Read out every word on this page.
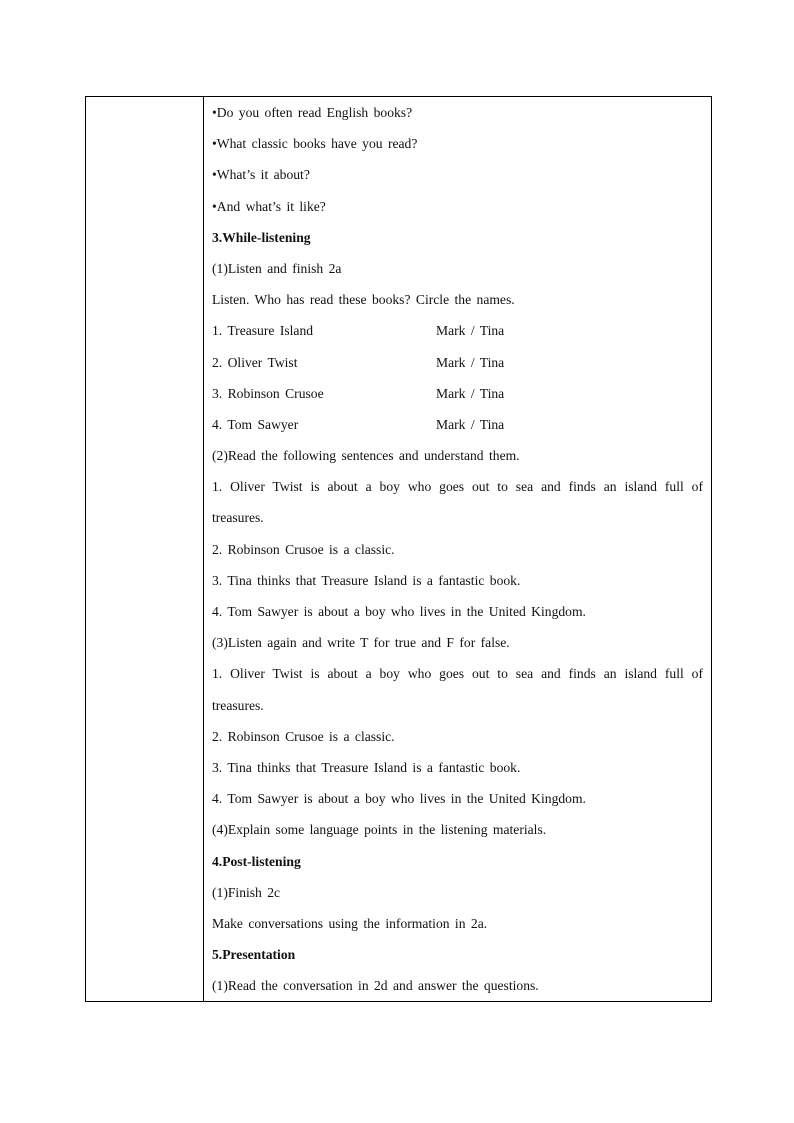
•Do you often read English books?
•What classic books have you read?
•What’s it about?
•And what’s it like?
3.While-listening
(1)Listen and finish 2a
Listen. Who has read these books? Circle the names.
1. Treasure Island	Mark / Tina
2. Oliver Twist	Mark / Tina
3. Robinson Crusoe	Mark / Tina
4. Tom Sawyer	Mark / Tina
(2)Read the following sentences and understand them.
1. Oliver Twist is about a boy who goes out to sea and finds an island full of
treasures.
2. Robinson Crusoe is a classic.
3. Tina thinks that Treasure Island is a fantastic book.
4. Tom Sawyer is about a boy who lives in the United Kingdom.
(3)Listen again and write T for true and F for false.
1. Oliver Twist is about a boy who goes out to sea and finds an island full of
treasures.
2. Robinson Crusoe is a classic.
3. Tina thinks that Treasure Island is a fantastic book.
4. Tom Sawyer is about a boy who lives in the United Kingdom.
(4)Explain some language points in the listening materials.
4.Post-listening
(1)Finish 2c
Make conversations using the information in 2a.
5.Presentation
(1)Read the conversation in 2d and answer the questions.
